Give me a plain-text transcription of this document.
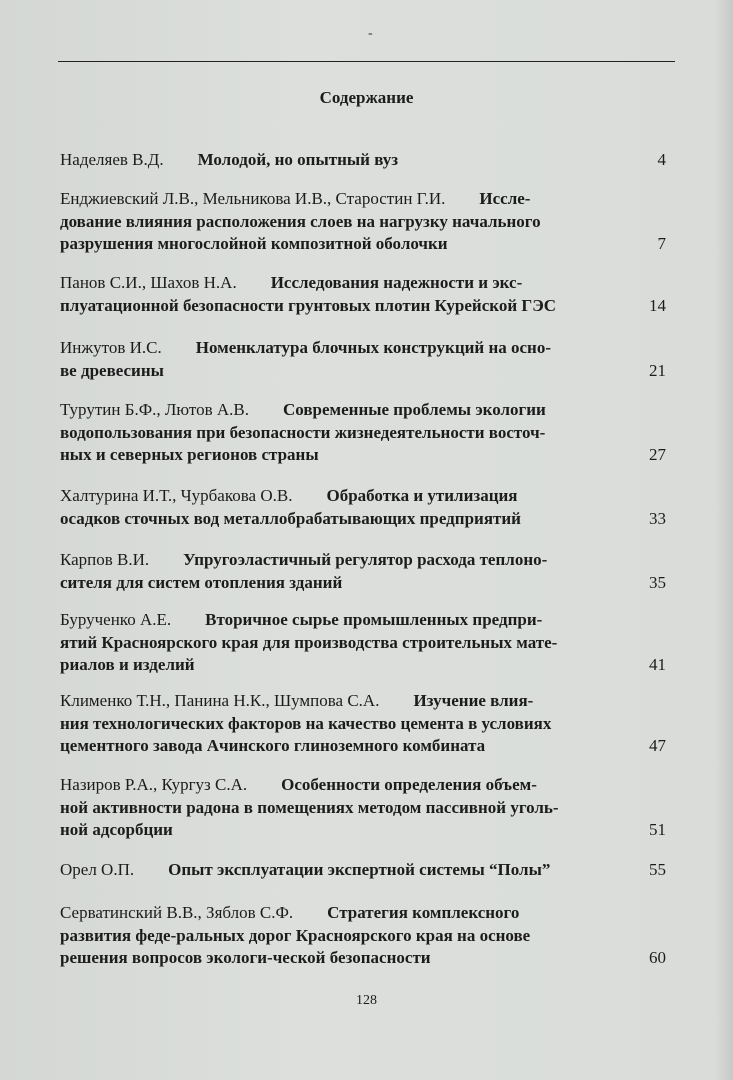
-
Содержание
Наделяев В.Д. Молодой, но опытный вуз	4
Енджиевский Л.В., Мельникова И.В., Старостин Г.И. Иссле-
дование влияния расположения слоев на нагрузку начального
разрушения многослойной композитной оболочки	7
Панов С.И., Шахов Н.А. Исследования надежности и экс-
плуатационной безопасности грунтовых плотин Курейской ГЭС	14
Инжутов И.С. Номенклатура блочных конструкций на осно-
ве древесины	21
Турутин Б.Ф., Лютов А.В. Современные проблемы экологии
водопользования при безопасности жизнедеятельности восточ-
ных и северных регионов страны	27
Халтурина И.Т., Чурбакова О.В. Обработка и утилизация
осадков сточных вод металлобрабатывающих предприятий	33
Карпов В.И. Упругоэластичный регулятор расхода теплоно-
сителя для систем отопления зданий	35
Бурученко А.Е. Вторичное сырье промышленных предпри-
ятий Красноярского края для производства строительных мате-
риалов и изделий	41
Клименко Т.Н., Панина Н.К., Шумпова С.А. Изучение влия-
ния технологических факторов на качество цемента в условиях
цементного завода Ачинского глиноземного комбината	47
Назиров Р.А., Кургуз С.А. Особенности определения объем-
ной активности радона в помещениях методом пассивной уголь-
ной адсорбции	51
Орел О.П. Опыт эксплуатации экспертной системы “Полы”	55
Серватинский В.В., Зяблов С.Ф. Стратегия комплексного
развития феде-ральных дорог Красноярского края на основе
решения вопросов экологи-ческой безопасности	60
128
